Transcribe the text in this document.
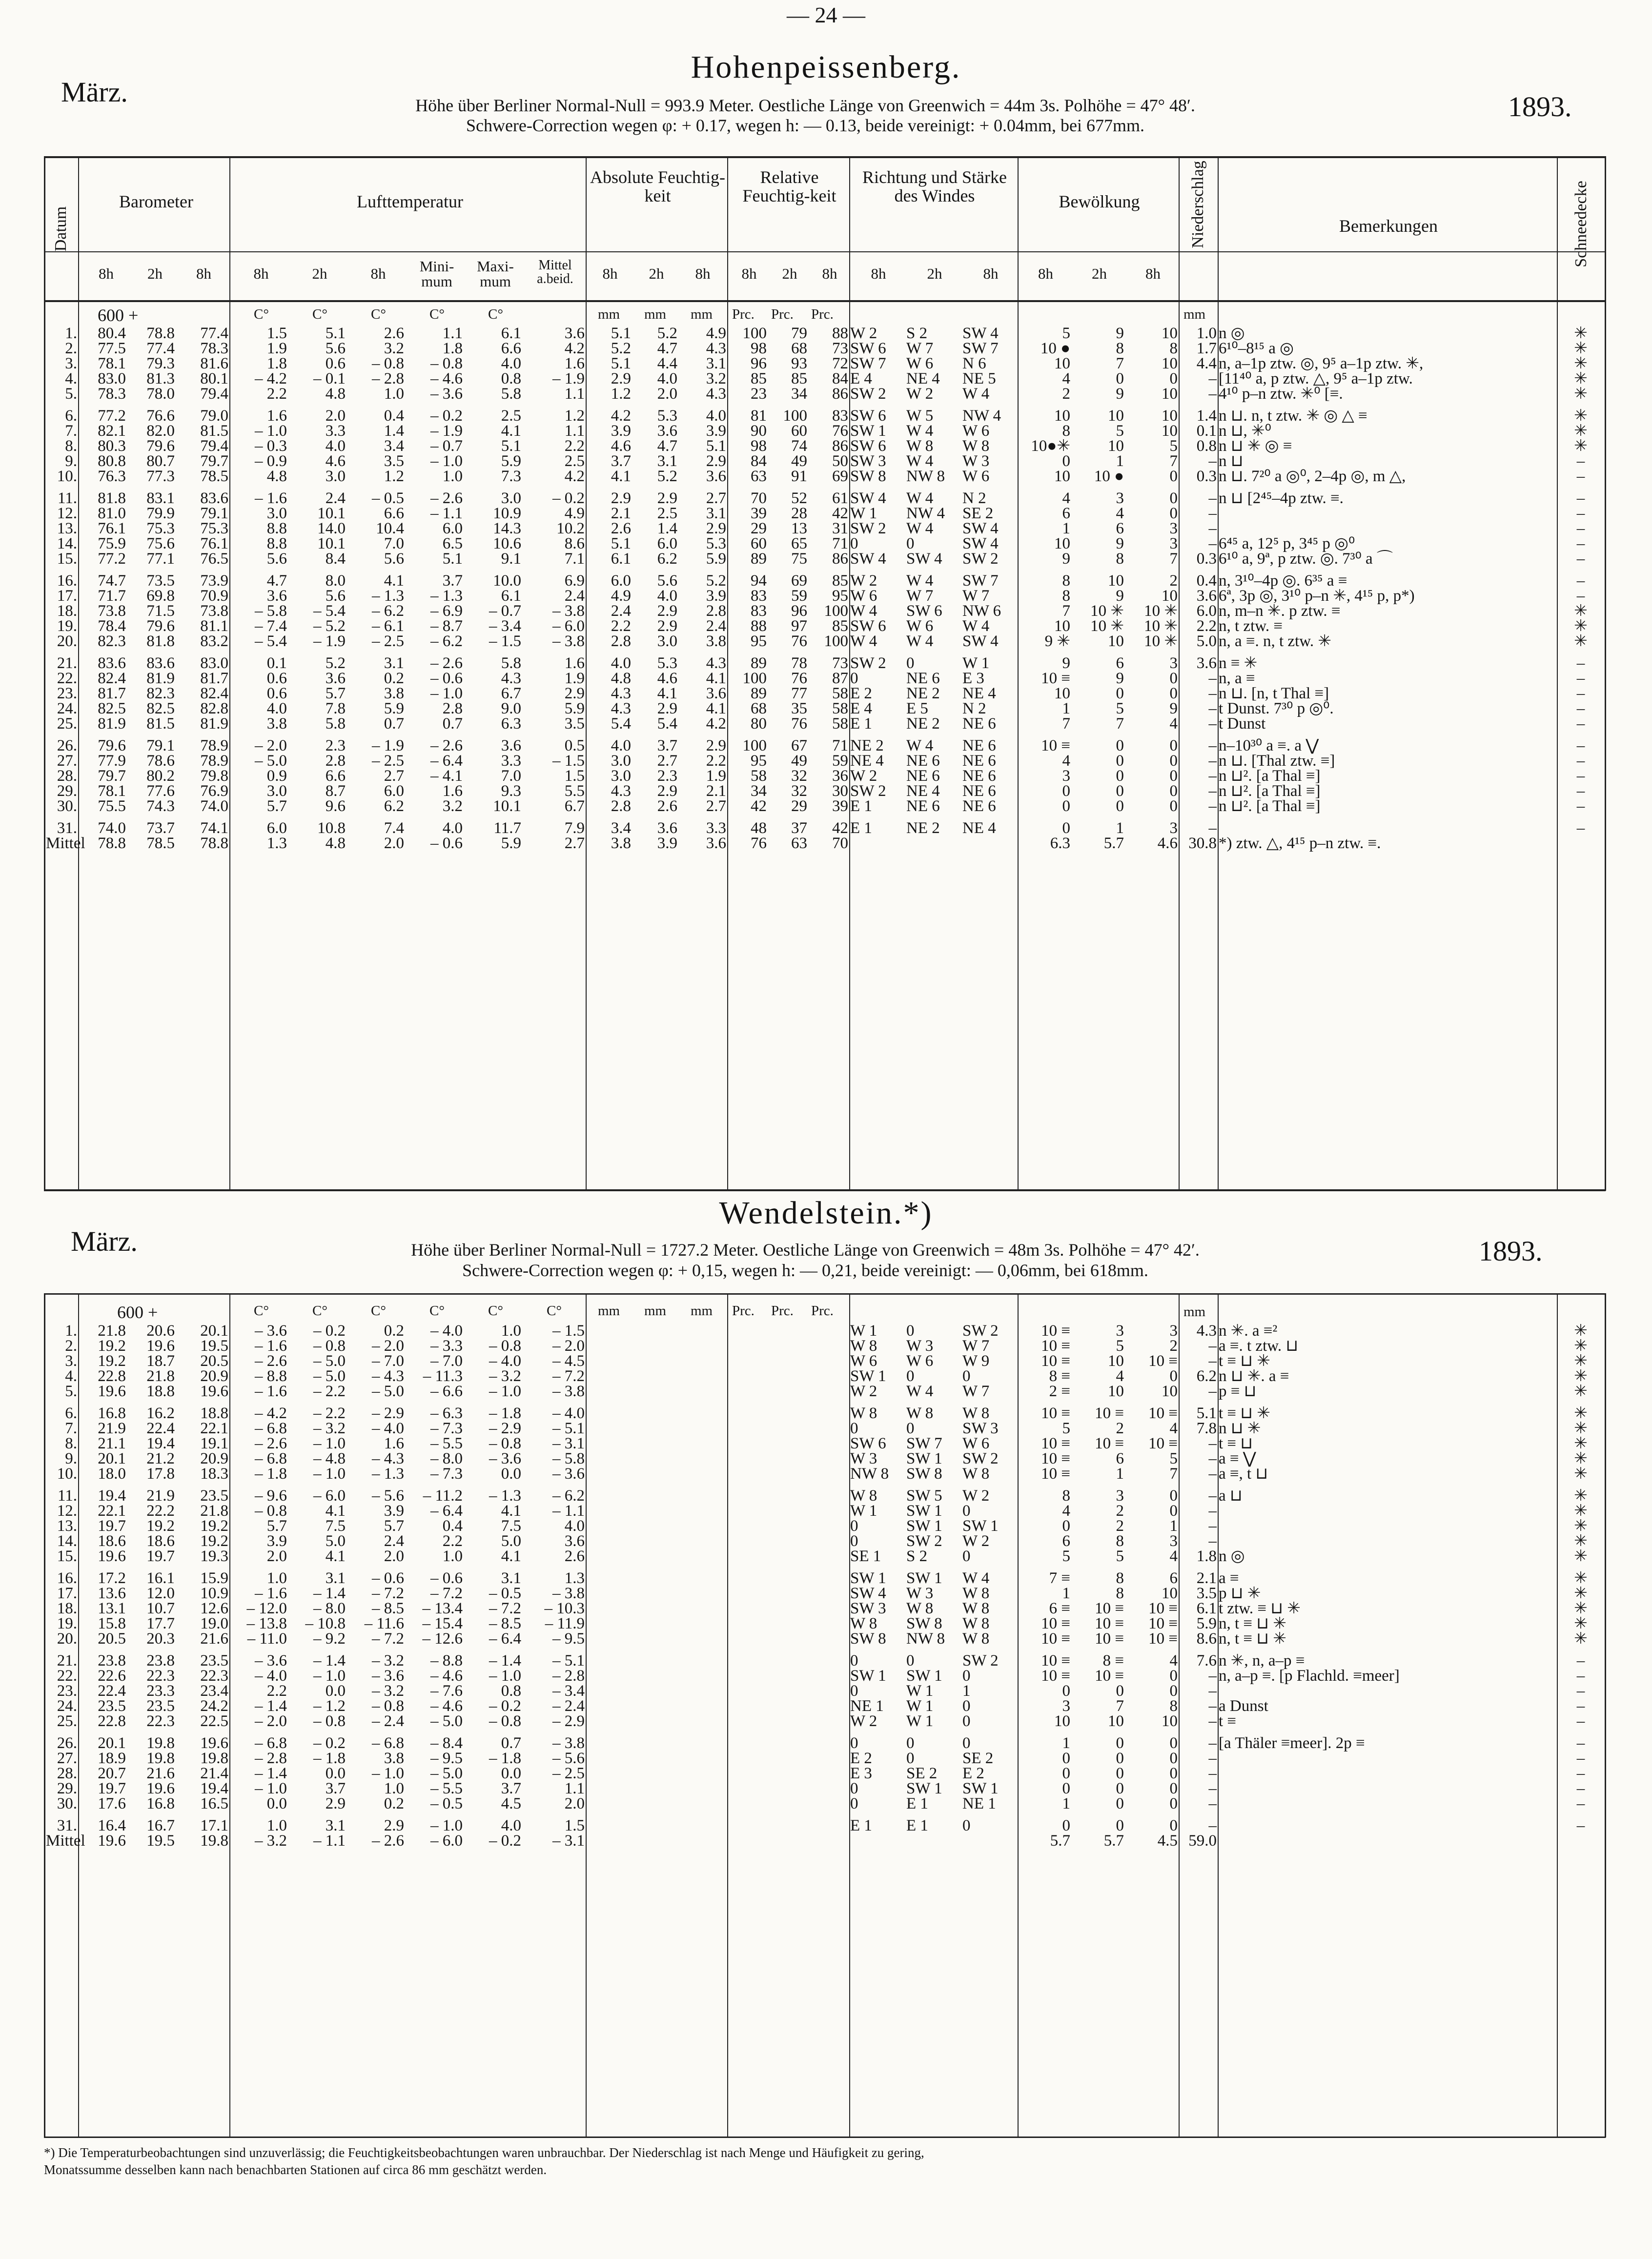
— 24 —
Hohenpeissenberg.
März.	1893.
Höhe über Berliner Normal-Null = 993.9 Meter. Oestliche Länge von Greenwich = 44m 3s. Polhöhe = 47° 48′.
Schwere-Correction wegen φ: + 0.17, wegen h: — 0.13, beide vereinigt: + 0.04mm, bei 677mm.
Datum
Barometer	Lufttemperatur
Absolute Feuchtig-keit
Relative Feuchtig-keit
Richtung und Stärke des Windes	Bewölkung	Niederschlag	Bemerkungen	Schneedecke
8h	2h	8h	8h	2h	8h	Mini-mum
Maxi-mum
Mittel a.beid.	8h	2h	8h	8h	2h	8h	8h	2h	8h	8h	2h	8h
600 +	C°	C°	C°	C°	C°	mm mm mm Prc. Prc. Prc.	mm
1.	80.4	78.8	77.4	1.5	5.1	2.6	1.1	6.1	3.6	5.1	5.2	4.9	100	79	88	W 2	S 2	SW 4	5	9	10	1.0	n ◎	✳
2.	77.5	77.4	78.3	1.9	5.6	3.2	1.8	6.6	4.2	5.2	4.7	4.3	98	68	73	SW 6	W 7	SW 7	10 ●	8	8	1.7	6¹⁰–8¹⁵ a ◎	✳
3.	78.1	79.3	81.6	1.8	0.6	– 0.8	– 0.8	4.0	1.6	5.1	4.4	3.1	96	93	72	SW 7	W 6	N 6	10	7	10	4.4	n, a–1p ztw. ◎, 9⁵ a–1p ztw. ✳,	✳
4.	83.0	81.3	80.1	– 4.2	– 0.1	– 2.8	– 4.6	0.8	– 1.9	2.9	4.0	3.2	85	85	84	E 4	NE 4	NE 5	4	0	0	–	[11⁴⁰ a, p ztw. △, 9⁵ a–1p ztw.	✳
5.	78.3	78.0	79.4	2.2	4.8	1.0	– 3.6	5.8	1.1	1.2	2.0	4.3	23	34	86	SW 2	W 2	W 4	2	9	10	–	4¹⁰ p–n ztw. ✳⁰ [≡.	✳
6.	77.2	76.6	79.0	1.6	2.0	0.4	– 0.2	2.5	1.2	4.2	5.3	4.0	81	100	83	SW 6	W 5	NW 4	10	10	10	1.4	n ⊔. n, t ztw. ✳ ◎ △ ≡	✳
7.	82.1	82.0	81.5	– 1.0	3.3	1.4	– 1.9	4.1	1.1	3.9	3.6	3.9	90	60	76	SW 1	W 4	W 6	8	5	10	0.1	n ⊔, ✳⁰	✳
8.	80.3	79.6	79.4	– 0.3	4.0	3.4	– 0.7	5.1	2.2	4.6	4.7	5.1	98	74	86	SW 6	W 8	W 8	10●✳	10	5	0.8	n ⊔ ✳ ◎ ≡	✳
9.	80.8	80.7	79.7	– 0.9	4.6	3.5	– 1.0	5.9	2.5	3.7	3.1	2.9	84	49	50	SW 3	W 4	W 3	0	1	7	–	n ⊔	–
10.	76.3	77.3	78.5	4.8	3.0	1.2	1.0	7.3	4.2	4.1	5.2	3.6	63	91	69	SW 8	NW 8	W 6	10	10 ●	0	0.3	n ⊔. 7²⁰ a ◎⁰, 2–4p ◎, m △,	–
11.	81.8	83.1	83.6	– 1.6	2.4	– 0.5	– 2.6	3.0	– 0.2	2.9	2.9	2.7	70	52	61	SW 4	W 4	N 2	4	3	0	–	n ⊔ [2⁴⁵–4p ztw. ≡.	–
12.	81.0	79.9	79.1	3.0	10.1	6.6	– 1.1	10.9	4.9	2.1	2.5	3.1	39	28	42	W 1	NW 4	SE 2	6	4	0	–		–
13.	76.1	75.3	75.3	8.8	14.0	10.4	6.0	14.3	10.2	2.6	1.4	2.9	29	13	31	SW 2	W 4	SW 4	1	6	3	–		–
14.	75.9	75.6	76.1	8.8	10.1	7.0	6.5	10.6	8.6	5.1	6.0	5.3	60	65	71	0	0	SW 4	10	9	3	–	6⁴⁵ a, 12⁵ p, 3⁴⁵ p ◎⁰	–
15.	77.2	77.1	76.5	5.6	8.4	5.6	5.1	9.1	7.1	6.1	6.2	5.9	89	75	86	SW 4	SW 4	SW 2	9	8	7	0.3	6¹⁰ a, 9ª, p ztw. ◎. 7³⁰ a ⌒	–
16.	74.7	73.5	73.9	4.7	8.0	4.1	3.7	10.0	6.9	6.0	5.6	5.2	94	69	85	W 2	W 4	SW 7	8	10	2	0.4	n, 3¹⁰–4p ◎. 6³⁵ a ≡	–
17.	71.7	69.8	70.9	3.6	5.6	– 1.3	– 1.3	6.1	2.4	4.9	4.0	3.9	83	59	95	W 6	W 7	W 7	8	9	10	3.6	6ª, 3p ◎, 3¹⁰ p–n ✳, 4¹⁵ p, p*)	–
18.	73.8	71.5	73.8	– 5.8	– 5.4	– 6.2	– 6.9	– 0.7	– 3.8	2.4	2.9	2.8	83	96	100	W 4	SW 6	NW 6	7	10 ✳	10 ✳	6.0	n, m–n ✳. p ztw. ≡	✳
19.	78.4	79.6	81.1	– 7.4	– 5.2	– 6.1	– 8.7	– 3.4	– 6.0	2.2	2.9	2.4	88	97	85	SW 6	W 6	W 4	10	10 ✳	10 ✳	2.2	n, t ztw. ≡	✳
20.	82.3	81.8	83.2	– 5.4	– 1.9	– 2.5	– 6.2	– 1.5	– 3.8	2.8	3.0	3.8	95	76	100	W 4	W 4	SW 4	9 ✳	10	10 ✳	5.0	n, a ≡. n, t ztw. ✳	✳
21.	83.6	83.6	83.0	0.1	5.2	3.1	– 2.6	5.8	1.6	4.0	5.3	4.3	89	78	73	SW 2	0	W 1	9	6	3	3.6	n ≡ ✳	–
22.	82.4	81.9	81.7	0.6	3.6	0.2	– 0.6	4.3	1.9	4.8	4.6	4.1	100	76	87	0	NE 6	E 3	10 ≡	9	0	–	n, a ≡	–
23.	81.7	82.3	82.4	0.6	5.7	3.8	– 1.0	6.7	2.9	4.3	4.1	3.6	89	77	58	E 2	NE 2	NE 4	10	0	0	–	n ⊔. [n, t Thal ≡]	–
24.	82.5	82.5	82.8	4.0	7.8	5.9	2.8	9.0	5.9	4.3	2.9	4.1	68	35	58	E 4	E 5	N 2	1	5	9	–	t Dunst. 7³⁰ p ◎⁰.	–
25.	81.9	81.5	81.9	3.8	5.8	0.7	0.7	6.3	3.5	5.4	5.4	4.2	80	76	58	E 1	NE 2	NE 6	7	7	4	–	t Dunst	–
26.	79.6	79.1	78.9	– 2.0	2.3	– 1.9	– 2.6	3.6	0.5	4.0	3.7	2.9	100	67	71	NE 2	W 4	NE 6	10 ≡	0	0	–	n–10³⁰ a ≡. a ⋁	–
27.	77.9	78.6	78.9	– 5.0	2.8	– 2.5	– 6.4	3.3	– 1.5	3.0	2.7	2.2	95	49	59	NE 4	NE 6	NE 6	4	0	0	–	n ⊔. [Thal ztw. ≡]	–
28.	79.7	80.2	79.8	0.9	6.6	2.7	– 4.1	7.0	1.5	3.0	2.3	1.9	58	32	36	W 2	NE 6	NE 6	3	0	0	–	n ⊔². [a Thal ≡]	–
29.	78.1	77.6	76.9	3.0	8.7	6.0	1.6	9.3	5.5	4.3	2.9	2.1	34	32	30	SW 2	NE 4	NE 6	0	0	0	–	n ⊔². [a Thal ≡]	–
30.	75.5	74.3	74.0	5.7	9.6	6.2	3.2	10.1	6.7	2.8	2.6	2.7	42	29	39	E 1	NE 6	NE 6	0	0	0	–	n ⊔². [a Thal ≡]	–
31.	74.0	73.7	74.1	6.0	10.8	7.4	4.0	11.7	7.9	3.4	3.6	3.3	48	37	42	E 1	NE 2	NE 4	0	1	3	–		–
Mittel	78.8	78.5	78.8	1.3	4.8	2.0	– 0.6	5.9	2.7	3.8	3.9	3.6	76	63	70				6.3	5.7	4.6	30.8	*) ztw. △, 4¹⁵ p–n ztw. ≡.	
Wendelstein.*)
März.	1893.
Höhe über Berliner Normal-Null = 1727.2 Meter. Oestliche Länge von Greenwich = 48m 3s. Polhöhe = 47° 42′.
Schwere-Correction wegen φ: + 0,15, wegen h: — 0,21, beide vereinigt: — 0,06mm, bei 618mm.
600 +	C°	C°	C°	C°	C°	C°	mm mm mm Prc. Prc. Prc.	mm
1.	21.8	20.6	20.1	– 3.6	– 0.2	0.2	– 4.0	1.0	– 1.5							W 1	0	SW 2	10 ≡	3	3	4.3	n ✳. a ≡²	✳
2.	19.2	19.6	19.5	– 1.6	– 0.8	– 2.0	– 3.3	– 0.8	– 2.0							W 8	W 3	W 7	10 ≡	5	2	–	a ≡. t ztw. ⊔	✳
3.	19.2	18.7	20.5	– 2.6	– 5.0	– 7.0	– 7.0	– 4.0	– 4.5							W 6	W 6	W 9	10 ≡	10	10 ≡	–	t ≡ ⊔ ✳	✳
4.	22.8	21.8	20.9	– 8.8	– 5.0	– 4.3	– 11.3	– 3.2	– 7.2							SW 1	0	0	8 ≡	4	0	6.2	n ⊔ ✳. a ≡	✳
5.	19.6	18.8	19.6	– 1.6	– 2.2	– 5.0	– 6.6	– 1.0	– 3.8							W 2	W 4	W 7	2 ≡	10	10	–	p ≡ ⊔	✳
6.	16.8	16.2	18.8	– 4.2	– 2.2	– 2.9	– 6.3	– 1.8	– 4.0							W 8	W 8	W 8	10 ≡	10 ≡	10 ≡	5.1	t ≡ ⊔ ✳	✳
7.	21.9	22.4	22.1	– 6.8	– 3.2	– 4.0	– 7.3	– 2.9	– 5.1							0	0	SW 3	5	2	4	7.8	n ⊔ ✳	✳
8.	21.1	19.4	19.1	– 2.6	– 1.0	1.6	– 5.5	– 0.8	– 3.1							SW 6	SW 7	W 6	10 ≡	10 ≡	10 ≡	–	t ≡ ⊔	✳
9.	20.1	21.2	20.9	– 6.8	– 4.8	– 4.3	– 8.0	– 3.6	– 5.8							W 3	SW 1	SW 2	10 ≡	6	5	–	a ≡ ⋁	✳
10.	18.0	17.8	18.3	– 1.8	– 1.0	– 1.3	– 7.3	0.0	– 3.6							NW 8	SW 8	W 8	10 ≡	1	7	–	a ≡, t ⊔	✳
11.	19.4	21.9	23.5	– 9.6	– 6.0	– 5.6	– 11.2	– 1.3	– 6.2							W 8	SW 5	W 2	8	3	0	–	a ⊔	✳
12.	22.1	22.2	21.8	– 0.8	4.1	3.9	– 6.4	4.1	– 1.1							W 1	SW 1	0	4	2	0	–		✳
13.	19.7	19.2	19.2	5.7	7.5	5.7	0.4	7.5	4.0							0	SW 1	SW 1	0	2	1	–		✳
14.	18.6	18.6	19.2	3.9	5.0	2.4	2.2	5.0	3.6							0	SW 2	W 2	6	8	3	–		✳
15.	19.6	19.7	19.3	2.0	4.1	2.0	1.0	4.1	2.6							SE 1	S 2	0	5	5	4	1.8	n ◎	✳
16.	17.2	16.1	15.9	1.0	3.1	– 0.6	– 0.6	3.1	1.3							SW 1	SW 1	W 4	7 ≡	8	6	2.1	a ≡	✳
17.	13.6	12.0	10.9	– 1.6	– 1.4	– 7.2	– 7.2	– 0.5	– 3.8							SW 4	W 3	W 8	1	8	10	3.5	p ⊔ ✳	✳
18.	13.1	10.7	12.6	– 12.0	– 8.0	– 8.5	– 13.4	– 7.2	– 10.3							SW 3	W 8	W 8	6 ≡	10 ≡	10 ≡	6.1	t ztw. ≡ ⊔ ✳	✳
19.	15.8	17.7	19.0	– 13.8	– 10.8	– 11.6	– 15.4	– 8.5	– 11.9							W 8	SW 8	W 8	10 ≡	10 ≡	10 ≡	5.9	n, t ≡ ⊔ ✳	✳
20.	20.5	20.3	21.6	– 11.0	– 9.2	– 7.2	– 12.6	– 6.4	– 9.5							SW 8	NW 8	W 8	10 ≡	10 ≡	10 ≡	8.6	n, t ≡ ⊔ ✳	✳
21.	23.8	23.8	23.5	– 3.6	– 1.4	– 3.2	– 8.8	– 1.4	– 5.1							0	0	SW 2	10 ≡	8 ≡	4	7.6	n ✳, n, a–p ≡	–
22.	22.6	22.3	22.3	– 4.0	– 1.0	– 3.6	– 4.6	– 1.0	– 2.8							SW 1	SW 1	0	10 ≡	10 ≡	0	–	n, a–p ≡. [p Flachld. ≡meer]	–
23.	22.4	23.3	23.4	2.2	0.0	– 3.2	– 7.6	0.8	– 3.4							0	W 1	1	0	0	0	–		–
24.	23.5	23.5	24.2	– 1.4	– 1.2	– 0.8	– 4.6	– 0.2	– 2.4							NE 1	W 1	0	3	7	8	–	a Dunst	–
25.	22.8	22.3	22.5	– 2.0	– 0.8	– 2.4	– 5.0	– 0.8	– 2.9							W 2	W 1	0	10	10	10	–	t ≡	–
26.	20.1	19.8	19.6	– 6.8	– 0.2	– 6.8	– 8.4	0.7	– 3.8							0	0	0	1	0	0	–	[a Thäler ≡meer]. 2p ≡	–
27.	18.9	19.8	19.8	– 2.8	– 1.8	3.8	– 9.5	– 1.8	– 5.6							E 2	0	SE 2	0	0	0	–		–
28.	20.7	21.6	21.4	– 1.4	0.0	– 1.0	– 5.0	0.0	– 2.5							E 3	SE 2	E 2	0	0	0	–		–
29.	19.7	19.6	19.4	– 1.0	3.7	1.0	– 5.5	3.7	1.1							0	SW 1	SW 1	0	0	0	–		–
30.	17.6	16.8	16.5	0.0	2.9	0.2	– 0.5	4.5	2.0							0	E 1	NE 1	1	0	0	–		–
31.	16.4	16.7	17.1	1.0	3.1	2.9	– 1.0	4.0	1.5							E 1	E 1	0	0	0	0	–		–
Mittel	19.6	19.5	19.8	– 3.2	– 1.1	– 2.6	– 6.0	– 0.2	– 3.1										5.7	5.7	4.5	59.0		
*) Die Temperaturbeobachtungen sind unzuverlässig; die Feuchtigkeitsbeobachtungen waren unbrauchbar. Der Niederschlag ist nach Menge und Häufigkeit zu gering,
Monatssumme desselben kann nach benachbarten Stationen auf circa 86 mm geschätzt werden.
